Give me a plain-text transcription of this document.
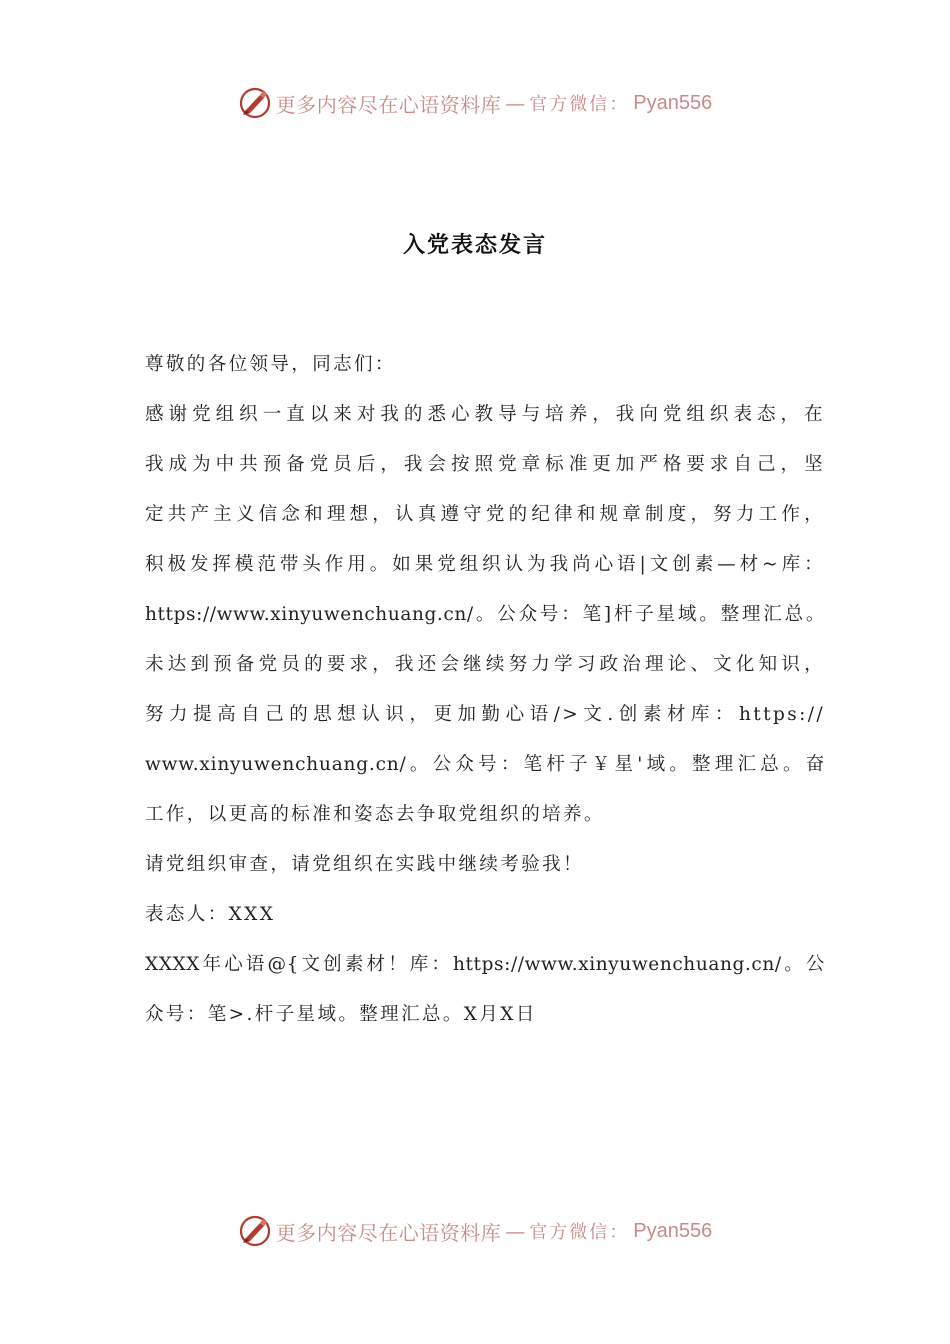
更多内容尽在心语资料库 — 官方微信： Pyan556
入党表态发言
尊敬的各位领导，同志们：
感谢党组织一直以来对我的悉心教导与培养，我向党组织表态，在
我成为中共预备党员后，我会按照党章标准更加严格要求自己，坚
定共产主义信念和理想，认真遵守党的纪律和规章制度，努力工作，
积极发挥模范带头作用。如果党组织认为我尚心语|文创素—材~库：
https://www.xinyuwenchuang.cn/。公众号：笔]杆子星域。整理汇总。
未达到预备党员的要求，我还会继续努力学习政治理论、文化知识，
努力提高自己的思想认识，更加勤心语/>文.创素材库：https://
www.xinyuwenchuang.cn/。公众号：笔杆子￥星'域。整理汇总。奋
工作，以更高的标准和姿态去争取党组织的培养。
请党组织审查，请党组织在实践中继续考验我！
表态人：XXX
XXXX年心语@{文创素材！库：https://www.xinyuwenchuang.cn/。公
众号：笔>.杆子星域。整理汇总。X月X日
更多内容尽在心语资料库 — 官方微信： Pyan556
